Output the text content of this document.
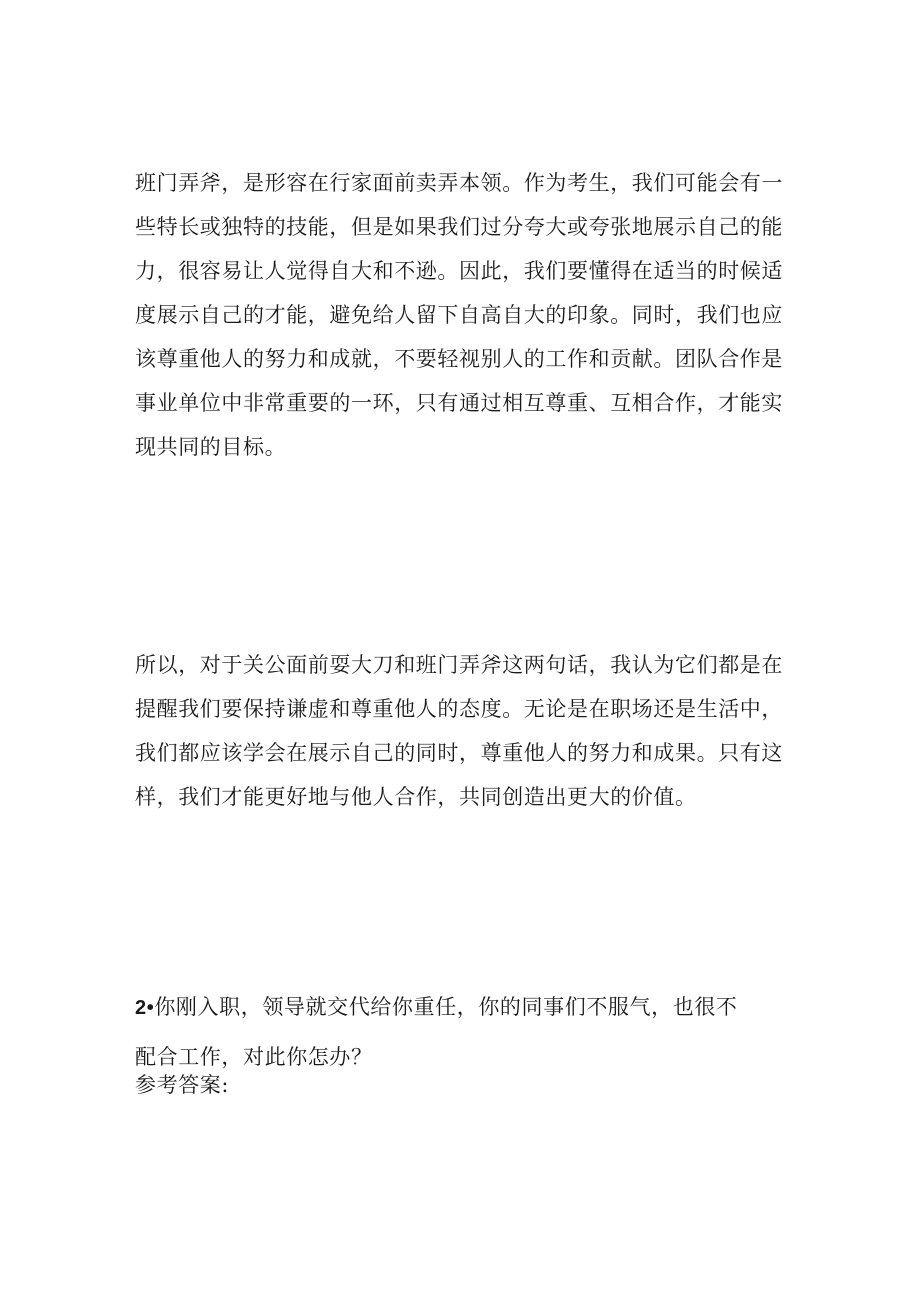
班门弄斧，是形容在行家面前卖弄本领。作为考生，我们可能会有一
些特长或独特的技能，但是如果我们过分夸大或夸张地展示自己的能
力，很容易让人觉得自大和不逊。因此，我们要懂得在适当的时候适
度展示自己的才能，避免给人留下自高自大的印象。同时，我们也应
该尊重他人的努力和成就，不要轻视别人的工作和贡献。团队合作是
事业单位中非常重要的一环，只有通过相互尊重、互相合作，才能实
现共同的目标。
所以，对于关公面前耍大刀和班门弄斧这两句话，我认为它们都是在
提醒我们要保持谦虚和尊重他人的态度。无论是在职场还是生活中，
我们都应该学会在展示自己的同时，尊重他人的努力和成果。只有这
样，我们才能更好地与他人合作，共同创造出更大的价值。
2•你刚入职，领导就交代给你重任，你的同事们不服气，也很不
配合工作，对此你怎办？
参考答案:
